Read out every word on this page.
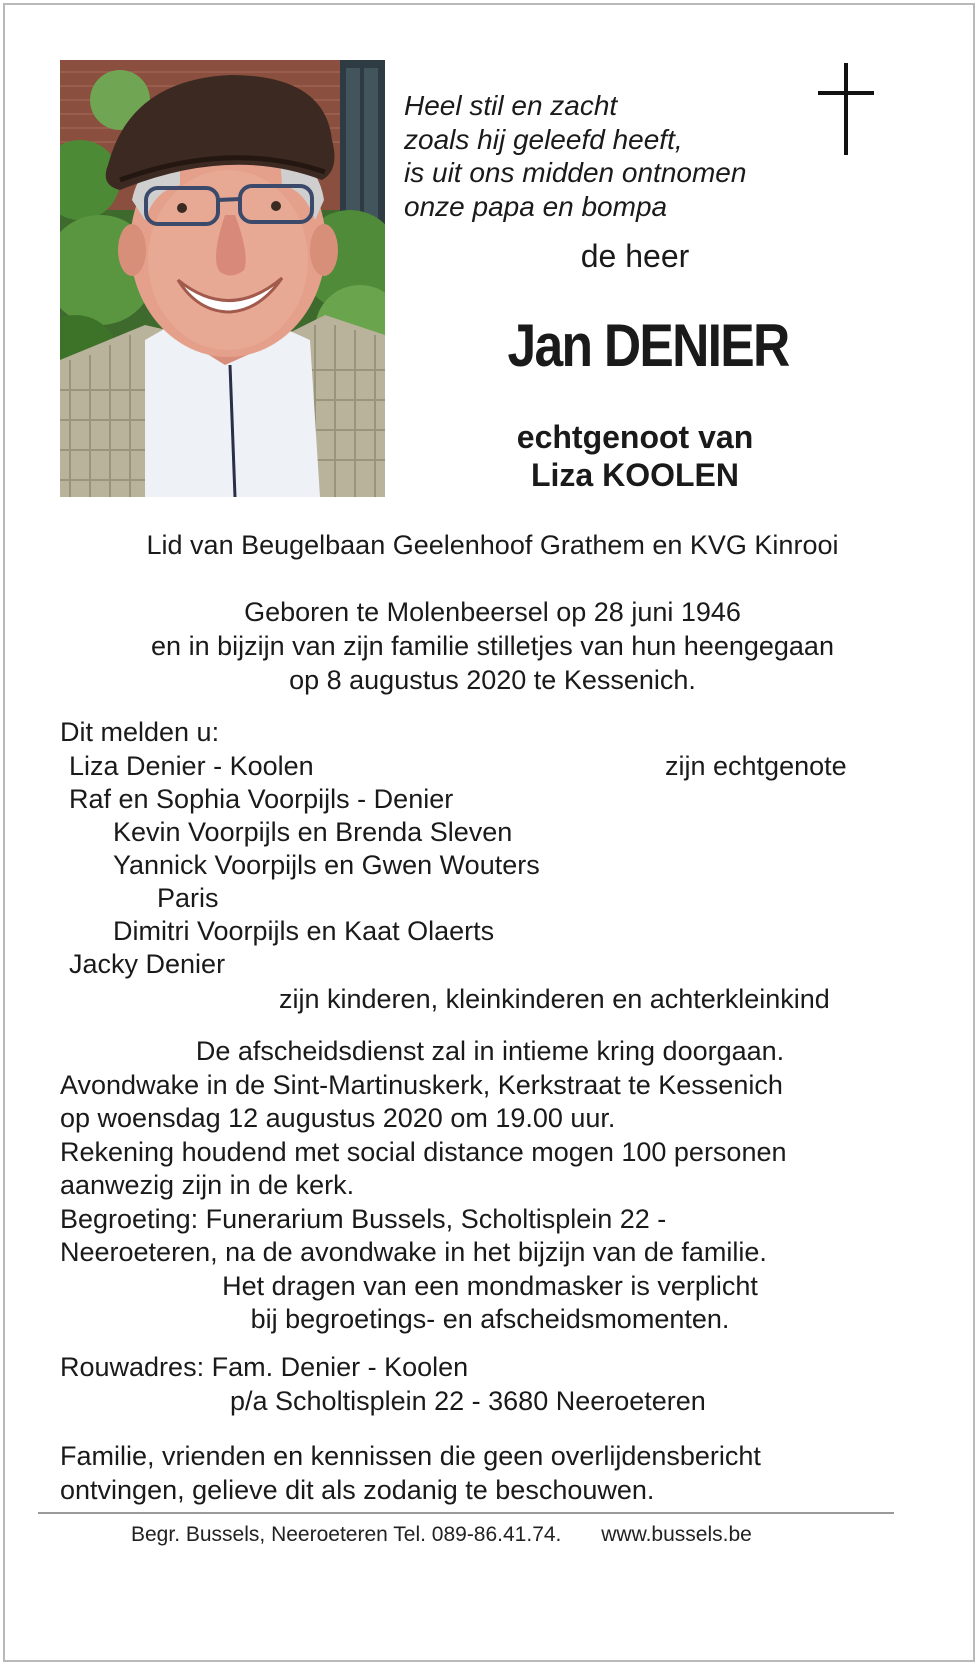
Heel stil en zacht
zoals hij geleefd heeft,
is uit ons midden ontnomen
onze papa en bompa
de heer
Jan DENIER
echtgenoot van
Liza KOOLEN
Lid van Beugelbaan Geelenhoof Grathem en KVG Kinrooi
Geboren te Molenbeersel op 28 juni 1946
en in bijzijn van zijn familie stilletjes van hun heengegaan
op 8 augustus 2020 te Kessenich.
Dit melden u:
Liza Denier - Koolen	zijn echtgenote
Raf en Sophia Voorpijls - Denier
Kevin Voorpijls en Brenda Sleven
Yannick Voorpijls en Gwen Wouters
Paris
Dimitri Voorpijls en Kaat Olaerts
Jacky Denier
zijn kinderen, kleinkinderen en achterkleinkind
De afscheidsdienst zal in intieme kring doorgaan.
Avondwake in de Sint-Martinuskerk, Kerkstraat te Kessenich
op woensdag 12 augustus 2020 om 19.00 uur.
Rekening houdend met social distance mogen 100 personen
aanwezig zijn in de kerk.
Begroeting: Funerarium Bussels, Scholtisplein 22 -
Neeroeteren, na de avondwake in het bijzijn van de familie.
Het dragen van een mondmasker is verplicht
bij begroetings- en afscheidsmomenten.
Rouwadres: Fam. Denier - Koolen
p/a Scholtisplein 22 - 3680 Neeroeteren
Familie, vrienden en kennissen die geen overlijdensbericht
ontvingen, gelieve dit als zodanig te beschouwen.
Begr. Bussels, Neeroeteren Tel. 089-86.41.74. www.bussels.be
